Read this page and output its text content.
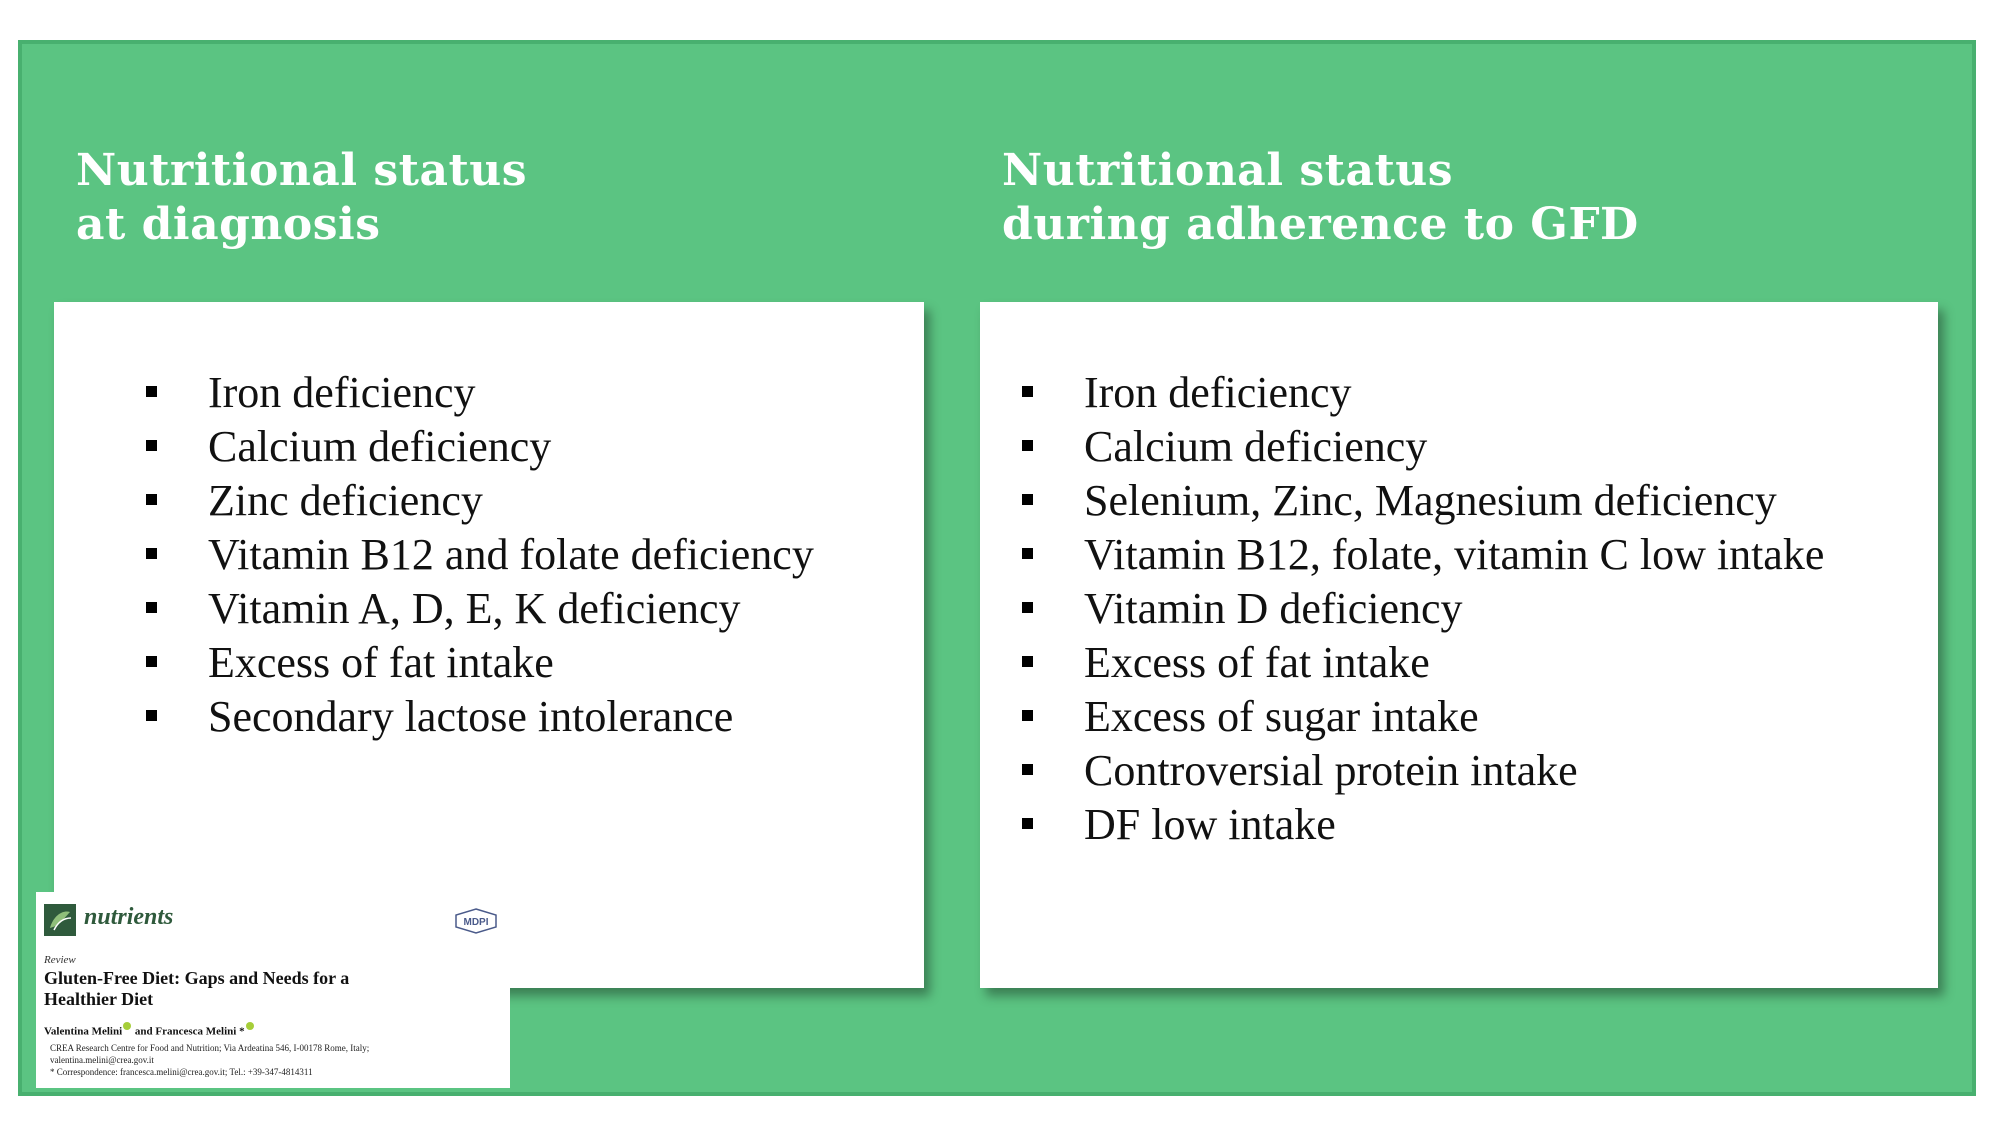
Nutritional status
at diagnosis
Nutritional status
during adherence to GFD
Iron deficiency
Calcium deficiency
Zinc deficiency
Vitamin B12 and folate deficiency
Vitamin A, D, E, K deficiency
Excess of fat intake
Secondary lactose intolerance
Iron deficiency
Calcium deficiency
Selenium, Zinc, Magnesium deficiency
Vitamin B12, folate, vitamin C low intake
Vitamin D deficiency
Excess of fat intake
Excess of sugar intake
Controversial protein intake
DF low intake
nutrients	MDPI
Review
Gluten-Free Diet: Gaps and Needs for a
Healthier Diet
Valentina Melini and Francesca Melini *
CREA Research Centre for Food and Nutrition; Via Ardeatina 546, I-00178 Rome, Italy;
valentina.melini@crea.gov.it
* Correspondence: francesca.melini@crea.gov.it; Tel.: +39-347-4814311
